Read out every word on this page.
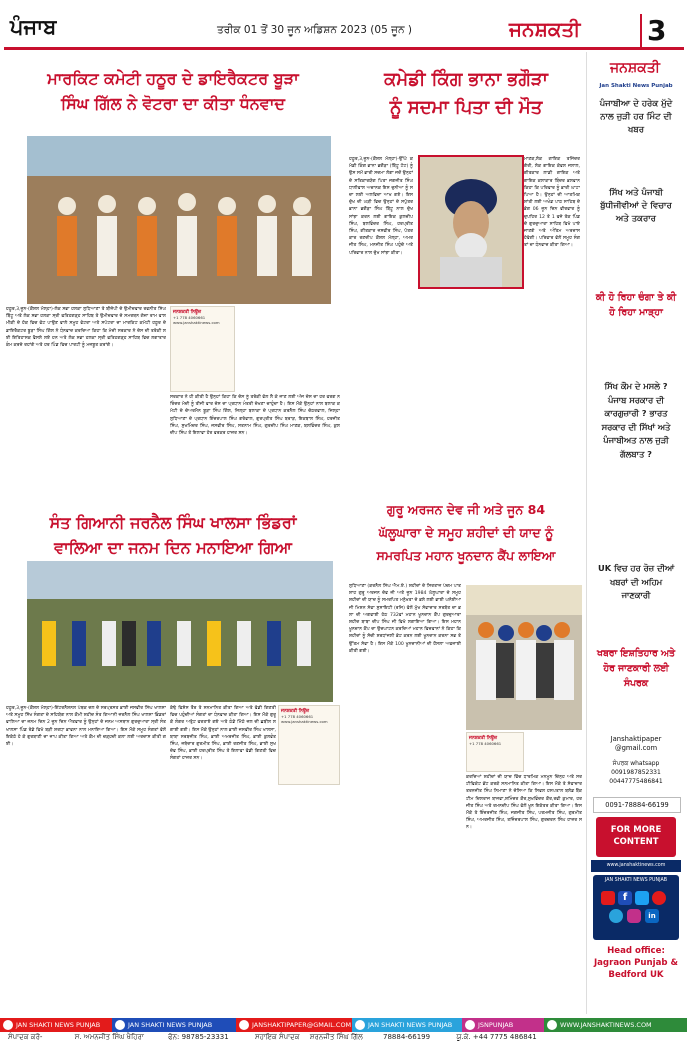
ਪੰਜਾਬ	ਤਰੀਕ 01 ਤੋਂ 30 ਜੂਨ ਅਡਿਸ਼ਨ 2023 (05 ਜੂਨ )	ਜਨਸ਼ਕਤੀ 3
ਮਾਰਕਿਟ ਕਮੇਟੀ ਹਠੂਰ ਦੇ ਡਾਇਰੈਕਟਰ ਬੂੜਾ
ਸਿੰਘ ਗਿੱਲ ਨੇ ਵੋਟਰਾ ਦਾ ਕੀਤਾ ਧੰਨਵਾਦ
ਹਠੂਰ,3,ਜੂਨ-(ਕੌਸ਼ਲ ਮੱਲ੍ਹਾ)-ਲੋਕ ਸਭਾ ਹਲਕਾ ਲੁਧਿਆਣਾ ਤੋ ਬੀਜੇਪੀ ਦੇ ਉਮੀਦਵਾਰ ਰਵਨੀਤ ਸਿੰਘ ਬਿੱਟੂ ਅਤੇ ਲੋਕ ਸਭਾ ਹਲਕਾ ਸ੍ਰੀ ਫਤਿਹਗੜ੍ਹ ਸਾਹਿਬ ਤੋ ਉਮੀਦਵਾਰ ਦੇ ਸਮਰਥਨ ਗੇਜ਼ਾ ਰਾਮ ਵਾਲਮੀਕੀ ਦੇ ਹੱਕ ਵਿਚ ਵੋਟ ਪਾਉਣ ਵਾਲੇ ਸਮੂਹ ਵੋਟਰਾ ਅਤੇ ਸਪੋਟਰਾ ਦਾ ਮਾਰਕਿਟ ਕਮੇਟੀ ਹਠੂਰ ਦੇ ਡਾਇਰੈਕਟਰ ਬੂੜਾ ਸਿੰਘ ਗਿੱਲ ਨੇ ਧੰਨਵਾਦ ਕਰਦਿਆ ਕਿਹਾ ਕਿ ਮੋਦੀ ਸਰਕਾਰ ਨੇ ਦੇਸ ਦੀ ਤਰੱਕੀ ਲਈ ਇਤਿਹਾਸਕ ਫੈਸਲੇ ਲਏ ਹਨ ਅਤੇ ਲੋਕ ਸਭਾ ਹਲਕਾ ਸ੍ਰੀ ਫਤਿਹਗੜ੍ਹ ਸਾਹਿਬ ਵਿਚ ਲਗਾਤਾਰ ਕੰਮ ਕਰਦੇ ਰਹਾਂਗੇ ਅਤੇ ਹਰ ਪਿੰਡ ਵਿਚ ਪਾਰਟੀ ਨੂੰ ਮਜਬੂਤ ਕਰਾਂਗੇ।
ਜਨਸ਼ਕਤੀ ਨਿਊਜ਼
+1 778 4060661
www.janshaktinews.com
ਸਰਕਾਰ ਨੇ ਹੀ ਕੀਤੀ ਹੈ ਉਨ੍ਹਾਂ ਕਿਹਾ ਕਿ ਦੇਸ ਨੂੰ ਤਰੱਕੀ ਵੱਲ ਲੈ ਕੇ ਜਾਣ ਲਈ ਅੱਜ ਦੇਸ ਦਾ ਹਰ ਵਰਗ ਨਰਿੰਦਰ ਮੋਦੀ ਨੂੰ ਤੀਜੀ ਵਾਰ ਦੇਸ ਦਾ ਪ੍ਰਧਾਨ ਮੰਤਰੀ ਦੇਖਣਾ ਚਾਹੁੰਦਾ ਹੈ। ਇਸ ਮੌਕੇ ਉਨ੍ਹਾਂ ਨਾਲ ਬਲਾਕ ਕਮੇਟੀ ਦੇ ਚੇਅਰਮੈਨ ਬੂੜਾ ਸਿੰਘ ਗਿੱਲ, ਜਿਲ੍ਹਾ ਬਲਾਕਾ ਦੇ ਪ੍ਰਧਾਨ ਕਰਨੈਲ ਸਿੰਘ ਚੱਠਰਵਾਲ, ਜਿਲ੍ਹਾ ਲੁਧਿਆਣਾ ਦੇ ਪ੍ਰਧਾਨ ਇੰਦਰਪਾਲ ਸਿੰਘ ਗਰੇਵਾਲ, ਗੁਰਪ੍ਰੀਤ ਸਿੰਘ ਬਰਾੜ, ਇਕਬਾਲ ਸਿੰਘ, ਹਰਜੀਤ ਸਿੰਘ, ਸੁਖਮਿੰਦਰ ਸਿੰਘ, ਜਸਵੀਰ ਸਿੰਘ, ਸਤਨਾਮ ਸਿੰਘ, ਗੁਰਦੀਪ ਸਿੰਘ ਮਾਣਕ, ਬਲਵਿੰਦਰ ਸਿੰਘ, ਕੁਲਦੀਪ ਸਿੰਘ ਤੋ ਇਲਾਵਾ ਹੋਰ ਵਰਕਰ ਹਾਜ਼ਰ ਸਨ।
ਕਮੇਡੀ ਕਿੰਗ ਭਾਨਾ ਭਗੌੜਾ
ਨੂੰ ਸਦਮਾ ਪਿਤਾ ਦੀ ਮੌਤ
ਹਠੂਰ,3,ਜੂਨ-(ਕੌਸ਼ਲ ਮੱਲ੍ਹਾ)-ਉੱਘੇ ਕਮੇਡੀ ਕਿੰਗ ਭਾਨਾ ਭਗੌੜਾ (ਬਿੱਟੂ ਟੱਟ) ਨੂੰ ਉਸ ਸਮੇਂ ਭਾਰੀ ਸਦਮਾ ਲੱਗਾ ਜਦੋਂ ਉਨ੍ਹਾਂ ਦੇ ਸਤਿਕਾਰਯੋਗ ਪਿਤਾ ਜਗਜੀਤ ਸਿੰਘ ਧਾਲੀਵਾਲ ਅਚਾਨਕ ਇਸ ਦੁਨੀਆ ਨੂੰ ਸਦਾ ਲਈ ਅਲਵਿਦਾ ਆਖ ਗਏ। ਇਸ ਦੁੱਖ ਦੀ ਘੜੀ ਵਿਚ ਉਨ੍ਹਾਂ ਦੇ ਸਪੁੱਤਰ ਭਾਨਾ ਭਗੌੜਾ ਸਿੰਘ ਬਿੱਟੂ ਨਾਲ ਦੁੱਖ ਸਾਂਝਾ ਕਰਨ ਲਈ ਗਾਇਕ ਕੁਲਦੀਪ ਸਿੰਘ, ਬਲਵਿੰਦਰ ਸਿੰਘ, ਹਰਪ੍ਰੀਤ ਸਿੰਘ, ਗੀਤਕਾਰ ਜਸਵੀਰ ਸਿੰਘ, ਪੱਤਰਕਾਰ ਰਣਦੀਪ ਕੌਸ਼ਲ ਮੱਲ੍ਹਾ, ਅਮਰਜੀਤ ਸਿੰਘ, ਮਨਜੀਤ ਸਿੰਘ ਪਹੁੰਚੇ ਅਤੇ ਪਰਿਵਾਰ ਨਾਲ ਦੁੱਖ ਸਾਂਝਾ ਕੀਤਾ।
ਮਾਣਕ,ਲੋਕ ਗਾਇਕ ਤਜਿੰਦਰ ਗੇਰੀ, ਲੋਕ ਗਾਇਕ ਕੇਵਲ ਜਲਾਲ, ਗੀਤਕਾਰ ਲਾਡੀ ਗਾਇਕ ਅਤੇ ਗਾਇਕ ਕਲਾਕਾਰ ਬਿੰਦਰ ਭਲਵਾਨ ਕਿਹਾ ਕਿ ਪਰਿਵਾਰ ਨੂੰ ਭਾਰੀ ਘਾਟਾ ਪਿਆ ਹੈ। ਉਨ੍ਹਾਂ ਦੀ ਆਤਮਿਕ ਸ਼ਾਂਤੀ ਲਈ ਅਖੰਡ ਪਾਠ ਸਾਹਿਬ ਦੇ ਭੋਗ 06 ਜੂਨ ਦਿਨ ਵੀਰਵਾਰ ਨੂੰ ਦੁਪਹਿਰ 12 ਤੋ 1 ਵਜੇ ਤੱਕ ਪਿੰਡ ਦੇ ਗੁਰਦੁਆਰਾ ਸਾਹਿਬ ਵਿਖੇ ਪਾਏ ਜਾਣਗੇ ਅਤੇ ਅੰਤਿਮ ਅਰਦਾਸ ਹੋਵੇਗੀ। ਪਰਿਵਾਰ ਵੱਲੋਂ ਸਮੂਹ ਸੰਗਤਾਂ ਦਾ ਧੰਨਵਾਦ ਕੀਤਾ ਗਿਆ।
ਸੰਤ ਗਿਆਨੀ ਜਰਨੈਲ ਸਿੰਘ ਖਾਲਸਾ ਭਿੰਡਰਾਂ
ਵਾਲਿਆ ਦਾ ਜਨਮ ਦਿਨ ਮਨਾਇਆ ਗਿਆ
ਹਠੂਰ,3,ਜੂਨ-(ਕੌਸ਼ਲ ਮੱਲ੍ਹਾ)-ਇੰਟਰਨੈਸ਼ਨਲ ਪੰਥਕ ਦਲ ਦੇ ਸਰਪ੍ਰਸਤ ਭਾਈ ਜਸਵੀਰ ਸਿੰਘ ਖਾਲਸਾ ਅਤੇ ਸਮੂਹ ਸਿੱਖ ਸੰਗਤਾ ਦੇ ਸਹਿਯੋਗ ਨਾਲ ਕੌਮੀ ਸ਼ਹੀਦ ਸੰਤ ਗਿਆਨੀ ਜਰਨੈਲ ਸਿੰਘ ਖਾਲਸਾ ਭਿੰਡਰਾਂ ਵਾਲਿਆ ਦਾ ਜਨਮ ਦਿਨ 2 ਜੂਨ ਦਿਨ ਐਤਵਾਰ ਨੂੰ ਉਨ੍ਹਾਂ ਦੇ ਜਨਮ ਅਸਥਾਨ ਗੁਰਦੁਆਰਾ ਸ੍ਰੀ ਸੰਤ ਖਾਲਸਾ ਪਿੰਡ ਰੋਡੇ ਵਿਖੇ ਬੜੀ ਸ਼ਰਧਾ ਭਾਵਨਾ ਨਾਲ ਮਨਾਇਆ ਗਿਆ। ਇਸ ਮੌਕੇ ਸਮੂਹ ਸੰਗਤਾਂ ਵੱਲੋਂ ਇਕੱਠੇ ਹੋ ਕੇ ਗੁਰਬਾਣੀ ਦਾ ਜਾਪ ਕੀਤਾ ਗਿਆ ਅਤੇ ਕੌਮ ਦੀ ਚੜ੍ਹਦੀ ਕਲਾ ਲਈ ਅਰਦਾਸ ਕੀਤੀ ਗਈ।
ਕੱਢੇ ਵਿਸ਼ੇਸ ਤੌਰ ਤੇ ਸਨਮਾਨਿਤ ਕੀਤਾ ਗਿਆ ਅਤੇ ਵੱਡੀ ਗਿਣਤੀ ਵਿਚ ਪਹੁੰਚੀਆਂ ਸੰਗਤਾਂ ਦਾ ਧੰਨਵਾਦ ਕੀਤਾ ਗਿਆ। ਇਸ ਮੌਕੇ ਗੁਰੂ ਕੇ ਲੰਗਰ ਅਤੁੱਟ ਵਰਤਾਏ ਗਏ ਅਤੇ ਠੰਡੇ ਮਿੱਠੇ ਜਲ ਦੀ ਛਬੀਲ ਲਗਾਈ ਗਈ। ਇਸ ਮੌਕੇ ਉਨ੍ਹਾਂ ਨਾਲ ਭਾਈ ਜਸਵੀਰ ਸਿੰਘ ਖਾਲਸਾ, ਬਾਬਾ ਸਰਬਜੀਤ ਸਿੰਘ, ਭਾਈ ਅਮਰਜੀਤ ਸਿੰਘ, ਭਾਈ ਕੁਲਵੰਤ ਸਿੰਘ, ਜਥੇਦਾਰ ਗੁਰਮੀਤ ਸਿੰਘ, ਭਾਈ ਰਣਜੀਤ ਸਿੰਘ, ਭਾਈ ਸੁਖਦੇਵ ਸਿੰਘ, ਭਾਈ ਹਰਪ੍ਰੀਤ ਸਿੰਘ ਤੋ ਇਲਾਵਾ ਵੱਡੀ ਗਿਣਤੀ ਵਿਚ ਸੰਗਤਾਂ ਹਾਜ਼ਰ ਸਨ।
ਜਨਸ਼ਕਤੀ ਨਿਊਜ਼
+1 778 4060661
www.janshaktinews.com
ਗੁਰੂ ਅਰਜਨ ਦੇਵ ਜੀ ਅਤੇ ਜੂਨ 84
ਘੱਲੂਘਾਰਾ ਦੇ ਸਮੂਹ ਸ਼ਹੀਦਾਂ ਦੀ ਯਾਦ ਨੂੰ
ਸਮਰਪਿਤ ਮਹਾਨ ਖੂਨਦਾਨ ਕੈਂਪ ਲਾਇਆ
ਲੁਧਿਆਣਾ (ਕਰਨੈਲ ਸਿੰਘ ਐਮ.ਏ.) ਸ਼ਹੀਦਾਂ ਦੇ ਸਿਰਤਾਜ ਪੰਚਮ ਪਾਤਸ਼ਾਹ ਗੁਰੂ ਅਰਜਨ ਦੇਵ ਜੀ ਅਤੇ ਜੂਨ 1984 ਘੱਲੂਘਾਰਾ ਦੇ ਸਮੂਹ ਸ਼ਹੀਦਾਂ ਦੀ ਯਾਦ ਨੂੰ ਸਮਰਪਿਤ ਮਨੁੱਖਤਾ ਦੇ ਭਲੇ ਲਈ ਭਾਈ ਘਨੱਈਆ ਜੀ ਮਿਸ਼ਨ ਸੇਵਾ ਸੁਸਾਇਟੀ (ਰਜਿ) ਵੱਲੋਂ ਮੁੱਖ ਸੇਵਾਦਾਰ ਸਰਬੱਤ ਦਾ ਭਲਾ ਦੀ ਅਗਵਾਈ ਹੇਠ 732ਵਾਂ ਮਹਾਨ ਖੂਨਦਾਨ ਕੈਂਪ ਗੁਰਦੁਆਰਾ ਸ਼ਹੀਦ ਬਾਬਾ ਦੀਪ ਸਿੰਘ ਜੀ ਵਿਖੇ ਲਗਾਇਆ ਗਿਆ। ਇਸ ਮਹਾਨ ਖੂਨਦਾਨ ਕੈਂਪ ਦਾ ਉਦਘਾਟਨ ਕਰਦਿਆਂ ਮਹਾਨ ਵਿਦਵਾਨਾਂ ਨੇ ਕਿਹਾ ਕਿ ਸ਼ਹੀਦਾਂ ਨੂੰ ਸੱਚੀ ਸ਼ਰਧਾਂਜਲੀ ਭੇਟ ਕਰਨ ਲਈ ਖੂਨਦਾਨ ਕਰਨਾ ਸਭ ਤੋ ਉੱਤਮ ਸੇਵਾ ਹੈ। ਇਸ ਮੌਕੇ 100 ਖੂਨਦਾਨੀਆਂ ਦੀ ਹੌਸਲਾ ਅਫਜਾਈ ਕੀਤੀ ਗਈ।
ਜਨਸ਼ਕਤੀ ਨਿਊਜ਼
+1 778 4060661
ਕਰਦਿਆਂ ਸ਼ਹੀਦਾਂ ਦੀ ਯਾਦ ਵਿੱਚ ਧਾਰਮਿਕ ਮਨਮੂਨ ਚਿੰਨ੍ਹ ਅਤੇ ਸਰਟੀਫਿਕੇਟ ਭੇਂਟ ਕਰਕੇ ਸਨਮਾਨਿਤ ਕੀਤਾ ਗਿਆ। ਇਸ ਮੌਕੇ ਤੇ ਸੇਵਾਦਾਰ ਤਰਨਜੀਤ ਸਿੰਘ ਨਿਮਾਣਾ ਨੇ ਦੱਸਿਆ ਕਿ ਸਿਵਲ ਹਸਪਤਾਲ ਬਲੱਡ ਬੈਂਕ ਟੀਮ ਦਿਲਰਾਜ ਬਾਜਵਾ,ਸ਼ਮਿੰਦਰ ਕੌਰ,ਸੁਖਵਿੰਦਰ ਕੌਰ,ਰਵੀ ਕੁਮਾਰ, ਹਰਜੀਤ ਸਿੰਘ ਅਤੇ ਰਮਨਦੀਪ ਸਿੰਘ ਵੱਲੋਂ ਖੂਨ ਇਕੱਤਰ ਕੀਤਾ ਗਿਆ। ਇਸ ਮੌਕੇ ਤੇ ਇੰਦਰਜੀਤ ਸਿੰਘ, ਜਗਜੀਤ ਸਿੰਘ, ਪਰਮਜੀਤ ਸਿੰਘ, ਗੁਰਮੀਤ ਸਿੰਘ, ਅਮਰਜੀਤ ਸਿੰਘ, ਤਜਿੰਦਰਪਾਲ ਸਿੰਘ, ਗੁਰਚਰਨ ਸਿੰਘ ਹਾਜ਼ਰ ਸਨ।
ਜਨਸ਼ਕਤੀ
Jan Shakti News Punjab
ਪੰਜਾਬੀਆ ਦੇ ਹਰੇਕ ਮੁੱਦੇ ਨਾਲ ਜੁੜੀ ਹਰ ਮਿੰਟ ਦੀ ਖਬਰ
ਸਿੱਖ ਅਤੇ ਪੰਜਾਬੀ ਬੁੱਧੀਜੀਵੀਆਂ ਦੇ ਵਿਚਾਰ ਅਤੇ ਤਕਰਾਰ
ਕੀ ਹੋ ਰਿਹਾ ਚੰਗਾ ਤੇ ਕੀ ਹੋ ਰਿਹਾ ਮਾੜ੍ਹਾ
ਸਿੱਖ ਕੌਮ ਦੇ ਮਸਲੇ ? ਪੰਜਾਬ ਸਰਕਾਰ ਦੀ ਕਾਰਗੁਜ਼ਾਰੀ ? ਭਾਰਤ ਸਰਕਾਰ ਦੀ ਸਿੱਖਾਂ ਅਤੇ ਪੰਜਾਬੀਅਤ ਨਾਲ ਜੁੜੀ ਗੱਲਬਾਤ ?
UK ਵਿਚ ਹਰ ਰੋਜ਼ ਦੀਆਂ ਖਬਰਾਂ ਦੀ ਅਹਿਮ ਜਾਣਕਾਰੀ
ਖਬਰਾ ਇਸ਼ਤਿਹਾਰ ਅਤੇ ਹੋਰ ਜਾਣਕਾਰੀ ਲਈ ਸੰਪਰਕ
Janshaktipaper @gmail.com
ਸੰਪਰਕ whatsapp
0091987852331
00447775486841
0091-78884-66199
FOR MORE
CONTENT
www.janshaktinews.com
JAN SHAKTI NEWS PUNJAB
f
in
Head office:
Jagraon Punjab &
Bedford UK
JAN SHAKTI NEWS PUNJAB	JAN SHAKTI NEWS PUNJAB	JANSHAKTIPAPER@GMAIL.COM	JAN SHAKTI NEWS PUNJAB	JSNPUNJAB	WWW.JANSHAKTINEWS.COM
ਸੰਪਾਦਕ ਕਰੋ-	ਸ. ਅਮਨਜੀਤ ਸਿੰਘ ਖੈਹਿਰਾ	ਫੋਨ: 98785-23331	ਸਹਾਇਕ ਸੰਪਾਦਕ ਸ਼ਰਨਜੀਤ ਸਿੰਘ ਗਿੱਲ	78884-66199	ਯੂ.ਕੇ. +44 7775 486841
